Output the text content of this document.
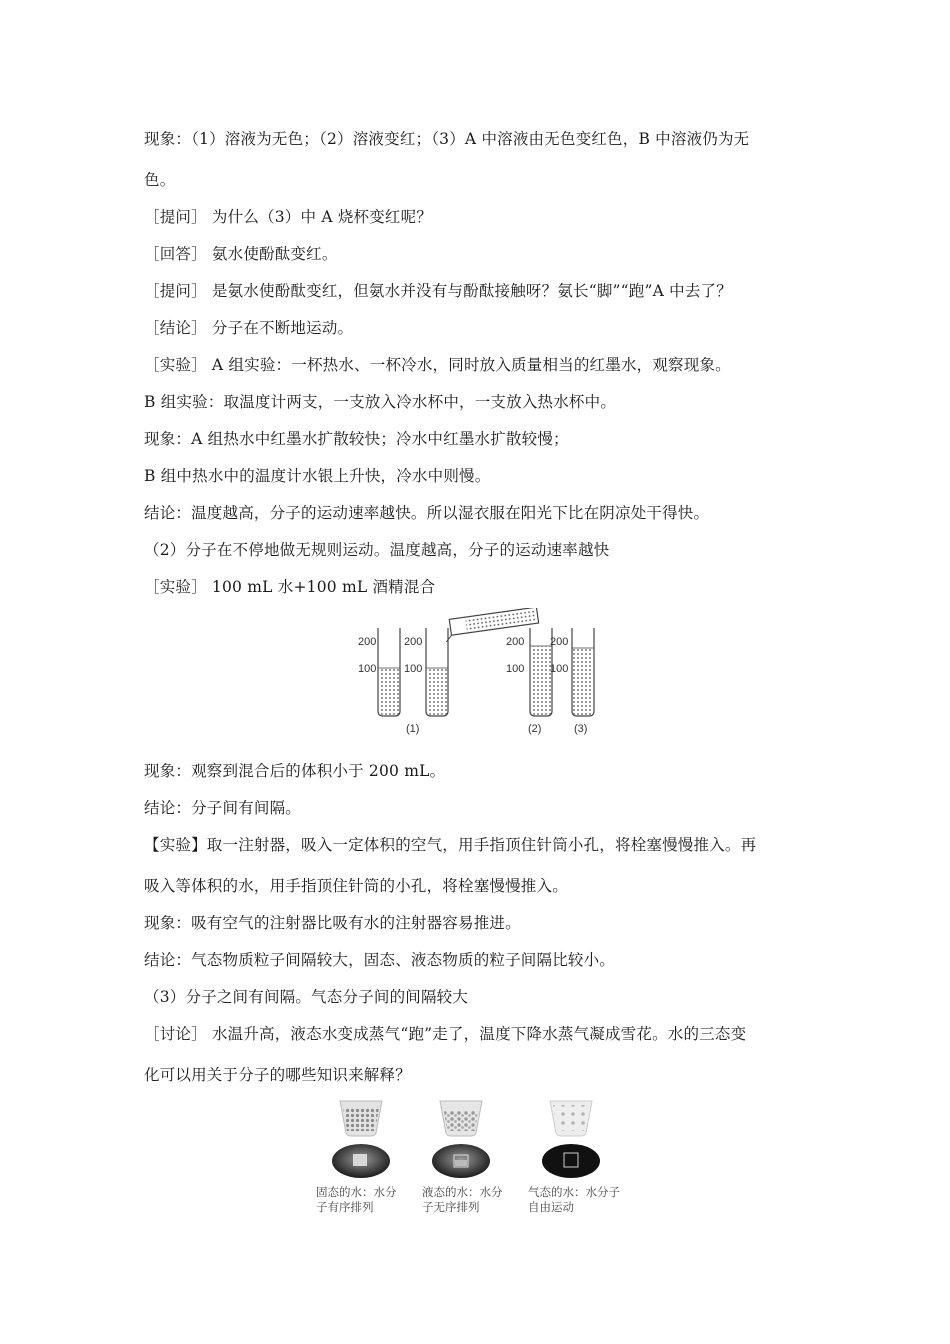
现象：（1）溶液为无色；（2）溶液变红；（3）A 中溶液由无色变红色，B 中溶液仍为无
色。
［提问］ 为什么（3）中 A 烧杯变红呢？
［回答］ 氨水使酚酞变红。
［提问］ 是氨水使酚酞变红，但氨水并没有与酚酞接触呀？氨长“脚”“跑”A 中去了？
［结论］ 分子在不断地运动。
［实验］ A 组实验：一杯热水、一杯冷水，同时放入质量相当的红墨水，观察现象。
B 组实验：取温度计两支，一支放入冷水杯中，一支放入热水杯中。
现象：A 组热水中红墨水扩散较快；冷水中红墨水扩散较慢；
B 组中热水中的温度计水银上升快，冷水中则慢。
结论：温度越高，分子的运动速率越快。所以湿衣服在阳光下比在阴凉处干得快。
（2）分子在不停地做无规则运动。温度越高，分子的运动速率越快
［实验］ 100 mL 水+100 mL 酒精混合
200
100
200
100
200
100
200
100
(1)	(2)	(3)
现象：观察到混合后的体积小于 200 mL。
结论：分子间有间隔。
【实验】取一注射器，吸入一定体积的空气，用手指顶住针筒小孔，将栓塞慢慢推入。再
吸入等体积的水，用手指顶住针筒的小孔，将栓塞慢慢推入。
现象：吸有空气的注射器比吸有水的注射器容易推进。
结论：气态物质粒子间隔较大，固态、液态物质的粒子间隔比较小。
（3）分子之间有间隔。气态分子间的间隔较大
［讨论］ 水温升高，液态水变成蒸气“跑”走了，温度下降水蒸气凝成雪花。水的三态变
化可以用关于分子的哪些知识来解释？
固态的水：水分
子有序排列
液态的水：水分
子无序排列
气态的水：水分子
自由运动
